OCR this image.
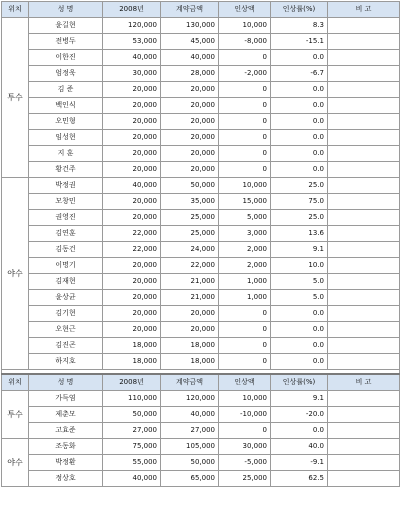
위치	성 명	2008년	계약금액	인상액	인상률(%)	비 고
투수	윤길현	120,000	130,000	10,000	8.3	
	전병두	53,000	45,000	-8,000	-15.1	
	이한진	40,000	40,000	0	0.0	
	엄정욱	30,000	28,000	-2,000	-6.7	
	김 준	20,000	20,000	0	0.0	
	백인식	20,000	20,000	0	0.0	
	오민형	20,000	20,000	0	0.0	
	임성현	20,000	20,000	0	0.0	
	지 훈	20,000	20,000	0	0.0	
	황건주	20,000	20,000	0	0.0	
야수	박정권	40,000	50,000	10,000	25.0	
	모창민	20,000	35,000	15,000	75.0	
	권영진	20,000	25,000	5,000	25.0	
	김연훈	22,000	25,000	3,000	13.6	
	김동건	22,000	24,000	2,000	9.1	
	이명기	20,000	22,000	2,000	10.0	
	김재현	20,000	21,000	1,000	5.0	
	윤상균	20,000	21,000	1,000	5.0	
	김기현	20,000	20,000	0	0.0	
	오현근	20,000	20,000	0	0.0	
	김진곤	18,000	18,000	0	0.0	
	하지호	18,000	18,000	0	0.0	

위치	성 명	2008년	계약금액	인상액	인상률(%)	비 고
투수	가득염	110,000	120,000	10,000	9.1	
	제춘모	50,000	40,000	-10,000	-20.0	
	고효준	27,000	27,000	0	0.0	
야수	조동화	75,000	105,000	30,000	40.0	
	박정환	55,000	50,000	-5,000	-9.1	
	정상호	40,000	65,000	25,000	62.5	
